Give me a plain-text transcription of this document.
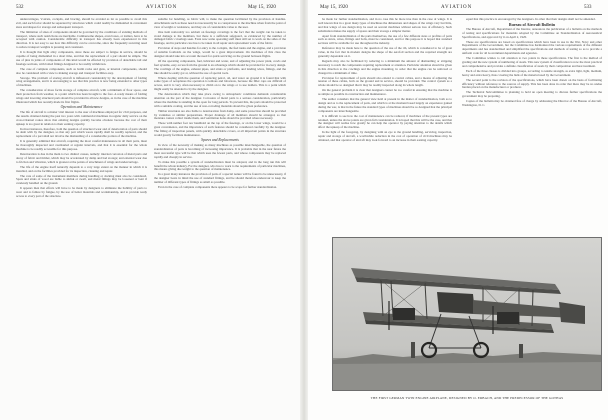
532	AVIATION	May 15, 1920	May 15, 1920	AVIATION	533

undercarriages, V-struts, cockpits, and bracing, should be avoided as far as possible to avoid this evil, and each factor should be separated by structures which could readily be dismantled in convenient sizes and shapes for storage and subsequent transport.

The limitation of sizes of components should be governed by the conditions of existing methods of transport, where such restrictions are inevitable. Cumbersome shapes, even boxes, or trailers, have to be accepted with caution. Considerable difficulty in transport has already been experienced in this direction. It is not easy to see how this difficulty can be overcome, since the frequently recurring need to reduce transport weights is pressing and consistent.

It is thought that light alloy components, since these are subject to fatigue in service, should be capable of being dismantled in a short time, and that the replacement of a part should be simple. The use of pins in joints of components of this kind would be effected by provision of detachable tail and fuselage sections, with bolted fittings designed to be readily withdrawn.

The case of complete components, such as bomb racks and guns, or internal components, should also be considered with a view to making storage and transport facilities easy.

Storage. The problem of storing aircraft is influenced considerably by the development of folding wing arrangements, and it is encouraging to see that this practice is now being extended to other types of machines.

The consideration of more facile storage of complete aircraft, with a minimum of floor space, and their protection from weather, is a point which has been brought to the fore. A ready means of folding wings and lowering structural parts should be provided in all new designs, as in the case of the machine illustrated which has recently made its first flights.

Operation and Maintenance

The life of aircraft is a matter vital interest to the user of machines employed for civil purposes, and the results obtained during the past two years with commercial machines in regular daily service on the cross-Channel routes show that existing designs quickly become obsolete because the cost of their upkeep is too great in relation to their earning capacity.

In most instances, therefore, both the question of structural wear and of deterioration of parts should be dealt with by the designer, so that any part which wears rapidly shall be readily replaced, and the replacement of a part shall not involve the dismantling of a considerable portion of the machine.

It is generally admitted that aircraft, requiring the most careful maintenance in all their parts, must be thoroughly inspected and overhauled at regular intervals, and that it is essential for the whole machine to be readily accessible for this purpose.

Deterioration is due in the main to two distinct causes, namely: internal corrosion of metal parts and decay of fabric and timber, which may be accelerated by damp and bad storage; and external wear due to friction and vibration, which is greatest at the points of attachment of wings and undercarriage.

The life of the engine itself naturally depends to a very large extent on the manner in which it is installed, and on the facilities provided for its inspection, cleaning and repair.

The care of some of the instrument members during handling or docking must also be considered. Spars and struts of wood are liable to shrink or swell, and metal fittings may be loosened or bent if carelessly handled on the ground.

It appears then that efforts will have to be made by designers to eliminate the liability of parts to wear and to failure by fatigue, by the use of better materials and workmanship, and to provide ready access to every part of the structure.

suitable for handling, as fabric will, to make the question facilitated by the provision of handles. Attachments such as these need not necessarily be so conspicuous to the machine when from the point of view of weight or resistance, and they are of considerable value to the user.

One item noticeably too seldom on fuselage coverings is the fact that the weight can be taken to avoid damage to the members, but there is a sufficient safeguard, as evidenced by the number of damaged fabric coverings seen. Even now some operating staff must still set to work on the sides of the fuselage, and in particular care has to be taken in all repair and replacement work of the fabric.

Provision of steps and handles for entry to the cockpits, the fuel tanks and the engine, and a provision of suitable footholds on the wings, would be a great improvement. On machines of this class the designer should take into account the need for quick servicing on the ground between flights.

Of the operating components, fuel, lubricant and water, and of adjusting the power plant, cowls and fuel systems, easy access from the ground is an advantage which should be provided for in every design. The cowlings of the engine, exhaust pipes, and struts or platforms, and landing wires, fittings, and the like should be easily got at, without the use of special tools.

Where dealing with the question of replacing petrol, oil, and water on ground it is found that with some types of aeroplanes the operation is tedious and laborious, because the filler caps are difficult of access, and it is very often necessary to climb on to the wings or to use ladders. This is a point which might easily be attended to by the designer.

The deterioration which may take place owing to atmospheric conditions demands considerable attention on the part of the designer. Corrosion of metal parts is a serious consideration, particularly where the machine is standing in the open for long periods. To prevent this, the parts should be protected with a suitable coating, and the use of non-corroding materials should be given preference.

Timber structures are also liable to deterioration from damp, and some protection should be provided by varnishes or similar preparations. Proper drainage of all members should be arranged, so that moisture cannot collect inside them, and ventilation holes should be provided where necessary.

Those with neither foot nor handhold on the top of the fuselage, or on the lower wings, would be a great convenience, and the importance of such features should be considered carefully by the designer. The fitting of inspection panels, with quickly detachable covers, at all important points in the structure would greatly facilitate maintenance.

Spares and Replacements

In view of the necessity of making as many machines as possible interchangeable, the question of standardization of parts is becoming of increasing importance. It is probable that in the near future the most successful type will be that which uses the fewest parts, and whose components may be replaced rapidly and cheaply in service.

To make this possible a system of standardization must be adopted, and in the long run this will benefit the whole industry. For the designer, who has to work to the requirements of particular machines, this means giving due weight to the question of maintenance.

In a great many instances the provision of parts of a special nature will be found to be unnecessary, if the designer bears in mind the use of standard fittings, and he should therefore endeavour to keep the number of different types of fittings as small as possible.

Even in the case of complete components there appears to be scope for further standardization.

be made for further standardization, and in no case this be more true than in the case of wings. It is well known that in a great many types of machines the dimensions and shapes of the wings vary but little, and that wings of one design may be used on several machines without serious loss of efficiency. Such substitution makes the supply of spares and their storage a simpler matter.

Apart from standardization of the parts themselves, the use of a few different sizes or profiles of parts such as struts, wires, fittings and bolts, must be considered, and for this purpose it is hoped that standard sections will be available for use throughout the industry.

Reference may be made here to the question of the use of the rib, which is considered to be of great value, in the fact that in modern designs the shape of the aerofoil section and the required strength are generally dependent on it.

Regards may also be facilitated by reducing to a minimum the amount of dismantling or stripping necessary to reach the components requiring replacement or attention. Particular attention should be given in this direction to the cowlings and the engine mounting, in order that the engine can be removed or changed in a minimum of time.

Provision for replacement of parts should also extend to control cables, and a means of adjusting the tension of these cables, both on the ground and in service, should be provided. The control system as a whole should be so designed that it may be readily inspected along its whole length.

On the general problem it is clear that designers cannot be too careful in ensuring that the machine is as simple as possible in construction and maintenance.

The author considers that the general view held at present in the matter of standardization, both as to design and as to the replacement of parts, and which is at the moment based largely on experience gained during the war, is that in the future the standard types of machines should be so designed that the principal components are interchangeable.

It is difficult to see how the cost of maintenance can be reduced, if machines of the present types are retained, unless the above points are given full consideration. It is hoped that this will be the case, and that the designer will realise how greatly he can help the operator by paying attention to the details which affect the upkeep of the machine.

In the light of the foregoing, by designing with an eye to the ground handling, servicing, inspection, repair and storage of aircraft, a worthwhile reduction in the cost of operation of civil machines may be obtained, and that operator of aircraft may look forward to an increase in their earning capacity.

equal that this practice is encouraged by the designers. In other that their designs shall not be amended.

Bureau of Aircraft Bulletin

The Bureau of Aircraft, Department of the Interior, announces the publication of a bulletin on the methods of testing and specifications for materials adopted by the Committee on Standardization of Aeronautical Specifications, and approved by it on April 2, 1920.

These are specifications are based on specifications which have been in use in the War, Navy and other Departments of the Government, but the Committee has harmonized the various requirements of the different departments and has standardized and simplified the specifications and methods of testing so as to provide a uniform code for all Government departments and agencies.

The Committee wishes to call attention to two points in these specifications. The first is the method of grading and the new system of numbering of steels. This new system of classification is now the most practical and comprehensive and provides a definite classification of steels by their composition and heat treatment.

Each of the three classes is divided into groups, according to tensile strength, as extra light, light, medium, heavy and extra heavy, thus covering the bulk of the material used by the Government.

The second point is the revision of the specifications, which have been drawn on the basis of facilitating efficiency without reference to the sources of supply. This has been done in order that there may be no undue burden placed on the manufacturer or producer.

The Technical Subcommittee is planning to hold an open meeting to discuss further specifications the government may be preparing.

Copies of the bulletin may be obtained free of charge by addressing the Director of the Bureau of Aircraft, Washington, D. C.

THE FIRST GERMAN TWIN ENGINE AIRPLANE, DESIGNED BY O. ERBACH, AND THE PREDECESSOR OF THE GOTHAS
